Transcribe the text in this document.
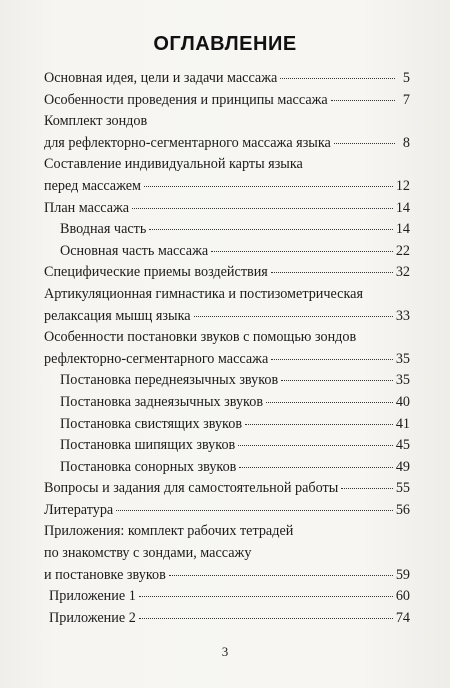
ОГЛАВЛЕНИЕ
Основная идея, цели и задачи массажа	5
Особенности проведения и принципы массажа	7
Комплект зондов
для рефлекторно-сегментарного массажа языка	8
Составление индивидуальной карты языка
перед массажем	12
План массажа	14
Вводная часть	14
Основная часть массажа	22
Специфические приемы воздействия	32
Артикуляционная гимнастика и постизометрическая
релаксация мышц языка	33
Особенности постановки звуков с помощью зондов
рефлекторно-сегментарного массажа	35
Постановка переднеязычных звуков	35
Постановка заднеязычных звуков	40
Постановка свистящих звуков	41
Постановка шипящих звуков	45
Постановка сонорных звуков	49
Вопросы и задания для самостоятельной работы	55
Литература	56
Приложения: комплект рабочих тетрадей
по знакомству с зондами, массажу
и постановке звуков	59
Приложение 1	60
Приложение 2	74
3
